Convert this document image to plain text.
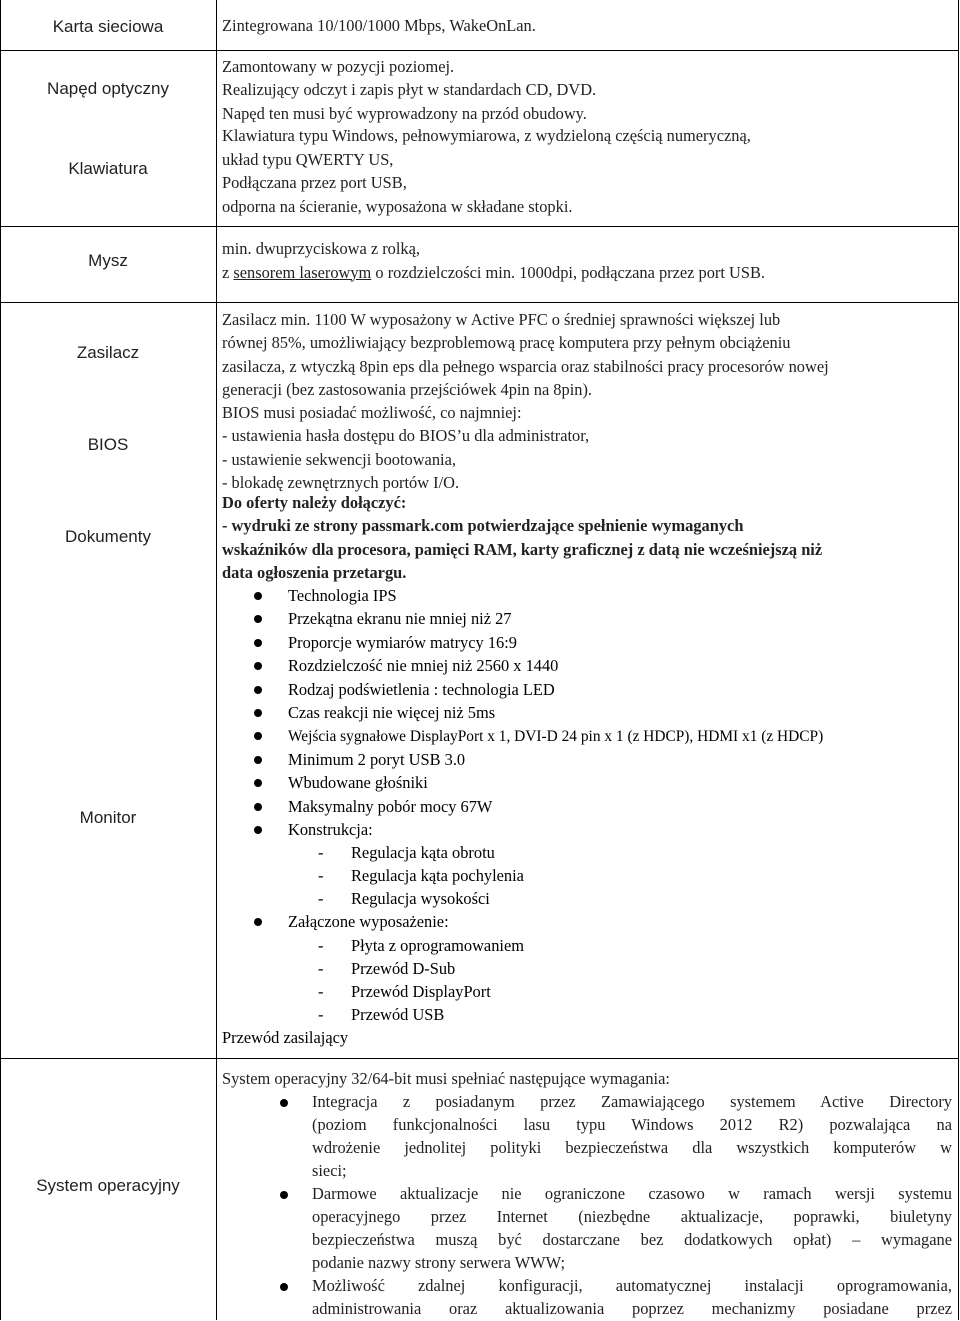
Karta sieciowa
Napęd optyczny
Klawiatura
Mysz
Zasilacz
BIOS
Dokumenty
Monitor
System operacyjny
Zintegrowana 10/100/1000 Mbps, WakeOnLan.
Zamontowany w pozycji poziomej.
Realizujący odczyt i zapis płyt w standardach CD, DVD.
Napęd ten musi być wyprowadzony na przód obudowy.
Klawiatura typu Windows, pełnowymiarowa, z wydzieloną częścią numeryczną,
układ typu QWERTY US,
Podłączana przez port USB,
odporna na ścieranie, wyposażona w składane stopki.
min. dwuprzyciskowa z rolką,
z sensorem laserowym o rozdzielczości min. 1000dpi, podłączana przez port USB.
Zasilacz min. 1100 W wyposażony w Active PFC o średniej sprawności większej lub
równej 85%, umożliwiający bezproblemową pracę komputera przy pełnym obciążeniu
zasilacza, z wtyczką 8pin eps dla pełnego wsparcia oraz stabilności pracy procesorów nowej
generacji (bez zastosowania przejściówek 4pin na 8pin).
BIOS musi posiadać możliwość, co najmniej:
- ustawienia hasła dostępu do BIOS’u dla administrator,
- ustawienie sekwencji bootowania,
- blokadę zewnętrznych portów I/O.
Do oferty należy dołączyć:
- wydruki ze strony passmark.com potwierdzające spełnienie wymaganych
wskaźników dla procesora, pamięci RAM, karty graficznej z datą nie wcześniejszą niż
data ogłoszenia przetargu.
Technologia IPS
Przekątna ekranu nie mniej niż 27
Proporcje wymiarów matrycy 16:9
Rozdzielczość nie mniej niż 2560 x 1440
Rodzaj podświetlenia : technologia LED
Czas reakcji nie więcej niż 5ms
Wejścia sygnałowe DisplayPort x 1, DVI-D 24 pin x 1 (z HDCP), HDMI x1 (z HDCP)
Minimum 2 poryt USB 3.0
Wbudowane głośniki
Maksymalny pobór mocy 67W
Konstrukcja:
- Regulacja kąta obrotu
- Regulacja kąta pochylenia
- Regulacja wysokości
Załączone wyposażenie:
- Płyta z oprogramowaniem
- Przewód D-Sub
- Przewód DisplayPort
- Przewód USB
Przewód zasilający
System operacyjny 32/64-bit musi spełniać następujące wymagania:
Integracja z posiadanym przez Zamawiającego systemem Active Directory
(poziom funkcjonalności lasu typu Windows 2012 R2) pozwalająca na
wdrożenie jednolitej polityki bezpieczeństwa dla wszystkich komputerów w
sieci;
Darmowe aktualizacje nie ograniczone czasowo w ramach wersji systemu
operacyjnego przez Internet (niezbędne aktualizacje, poprawki, biuletyny
bezpieczeństwa muszą być dostarczane bez dodatkowych opłat) – wymagane
podanie nazwy strony serwera WWW;
Możliwość zdalnej konfiguracji, automatycznej instalacji oprogramowania,
administrowania oraz aktualizowania poprzez mechanizmy posiadane przez
